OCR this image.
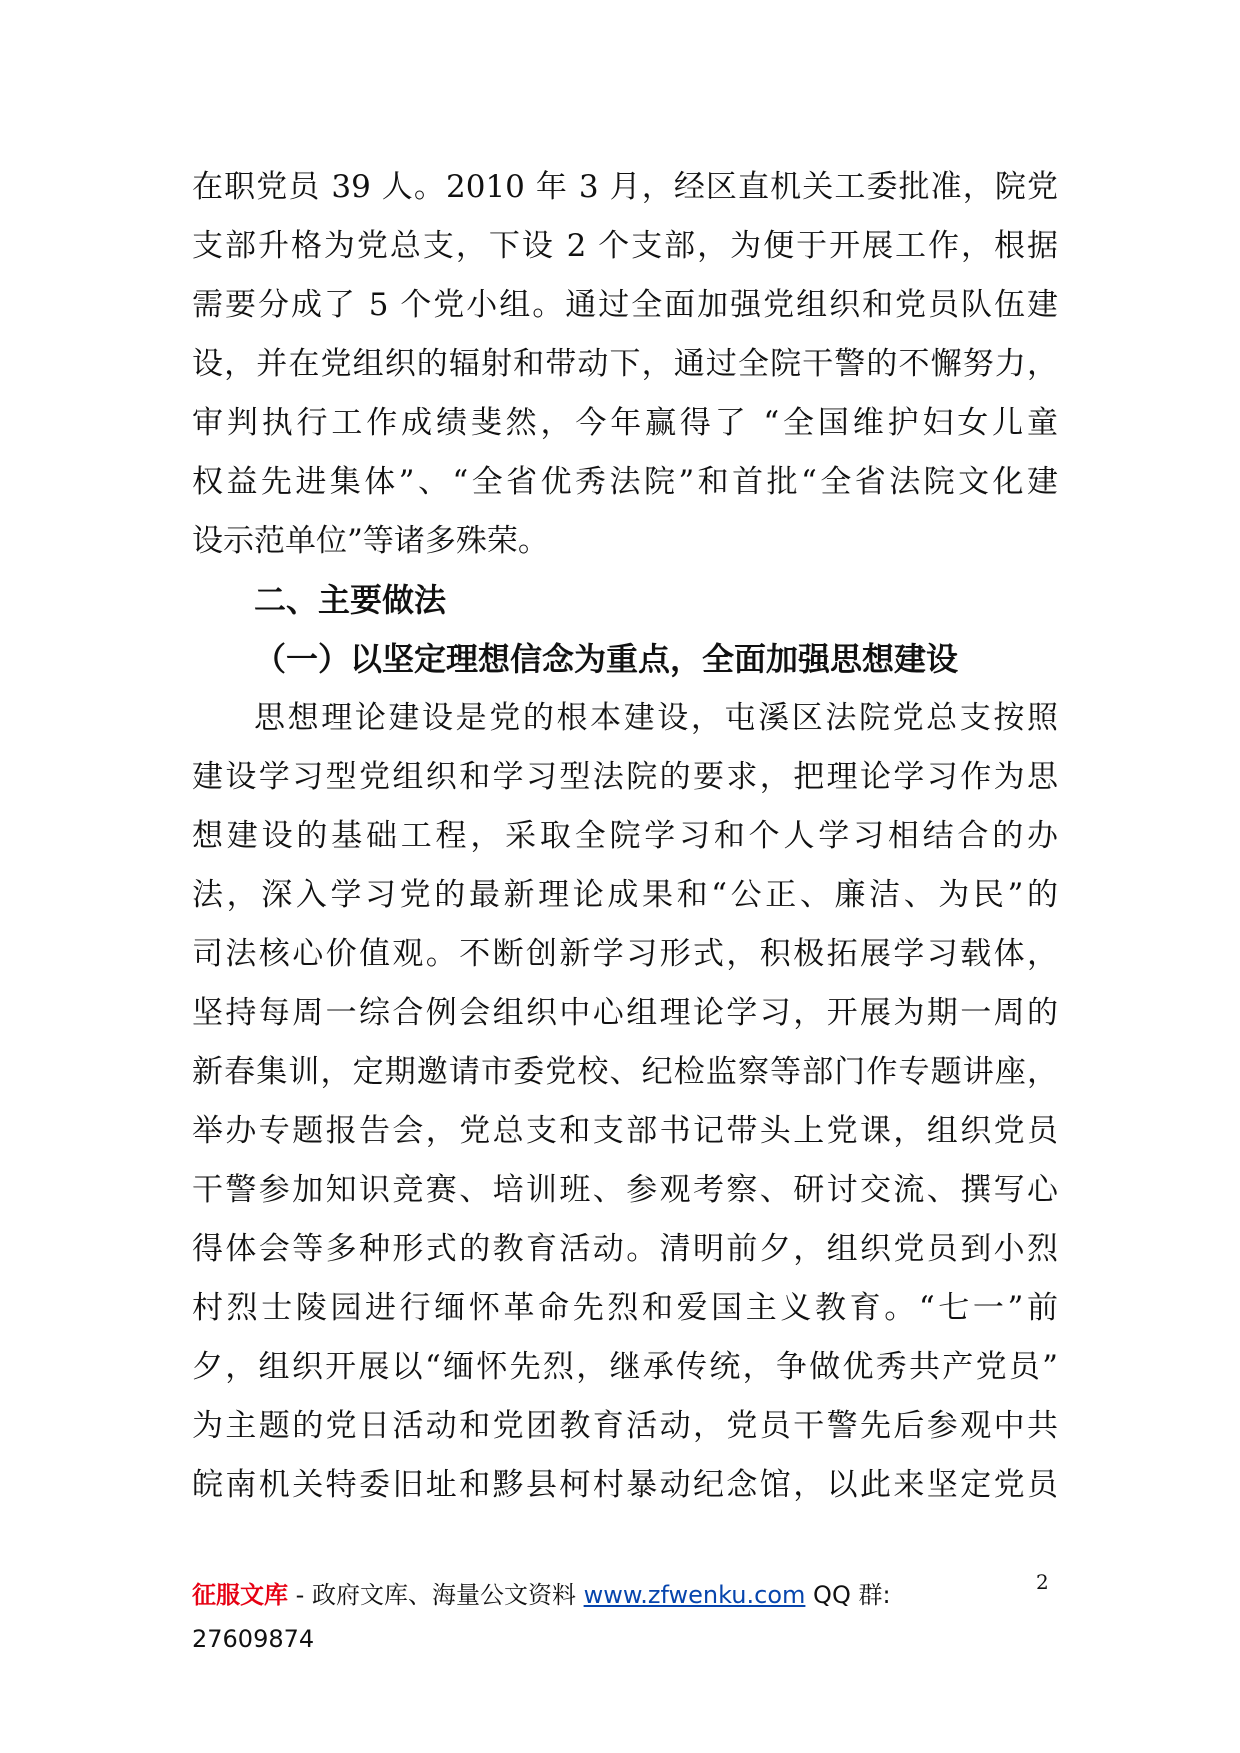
在职党员 39 人。2010 年 3 月，经区直机关工委批准，院党
支部升格为党总支，下设 2 个支部，为便于开展工作，根据
需要分成了 5 个党小组。通过全面加强党组织和党员队伍建
设，并在党组织的辐射和带动下，通过全院干警的不懈努力，
审判执行工作成绩斐然，今年赢得了 “全国维护妇女儿童
权益先进集体”、“全省优秀法院”和首批“全省法院文化建
设示范单位”等诸多殊荣。
二、主要做法
（一）以坚定理想信念为重点，全面加强思想建设
思想理论建设是党的根本建设，屯溪区法院党总支按照
建设学习型党组织和学习型法院的要求，把理论学习作为思
想建设的基础工程，采取全院学习和个人学习相结合的办
法，深入学习党的最新理论成果和“公正、廉洁、为民”的
司法核心价值观。不断创新学习形式，积极拓展学习载体，
坚持每周一综合例会组织中心组理论学习，开展为期一周的
新春集训，定期邀请市委党校、纪检监察等部门作专题讲座，
举办专题报告会，党总支和支部书记带头上党课，组织党员
干警参加知识竞赛、培训班、参观考察、研讨交流、撰写心
得体会等多种形式的教育活动。清明前夕，组织党员到小烈
村烈士陵园进行缅怀革命先烈和爱国主义教育。“七一”前
夕，组织开展以“缅怀先烈，继承传统，争做优秀共产党员”
为主题的党日活动和党团教育活动，党员干警先后参观中共
皖南机关特委旧址和黟县柯村暴动纪念馆，以此来坚定党员
征服文库 - 政府文库、海量公文资料 www.zfwenku.com QQ 群:
27609874
2
